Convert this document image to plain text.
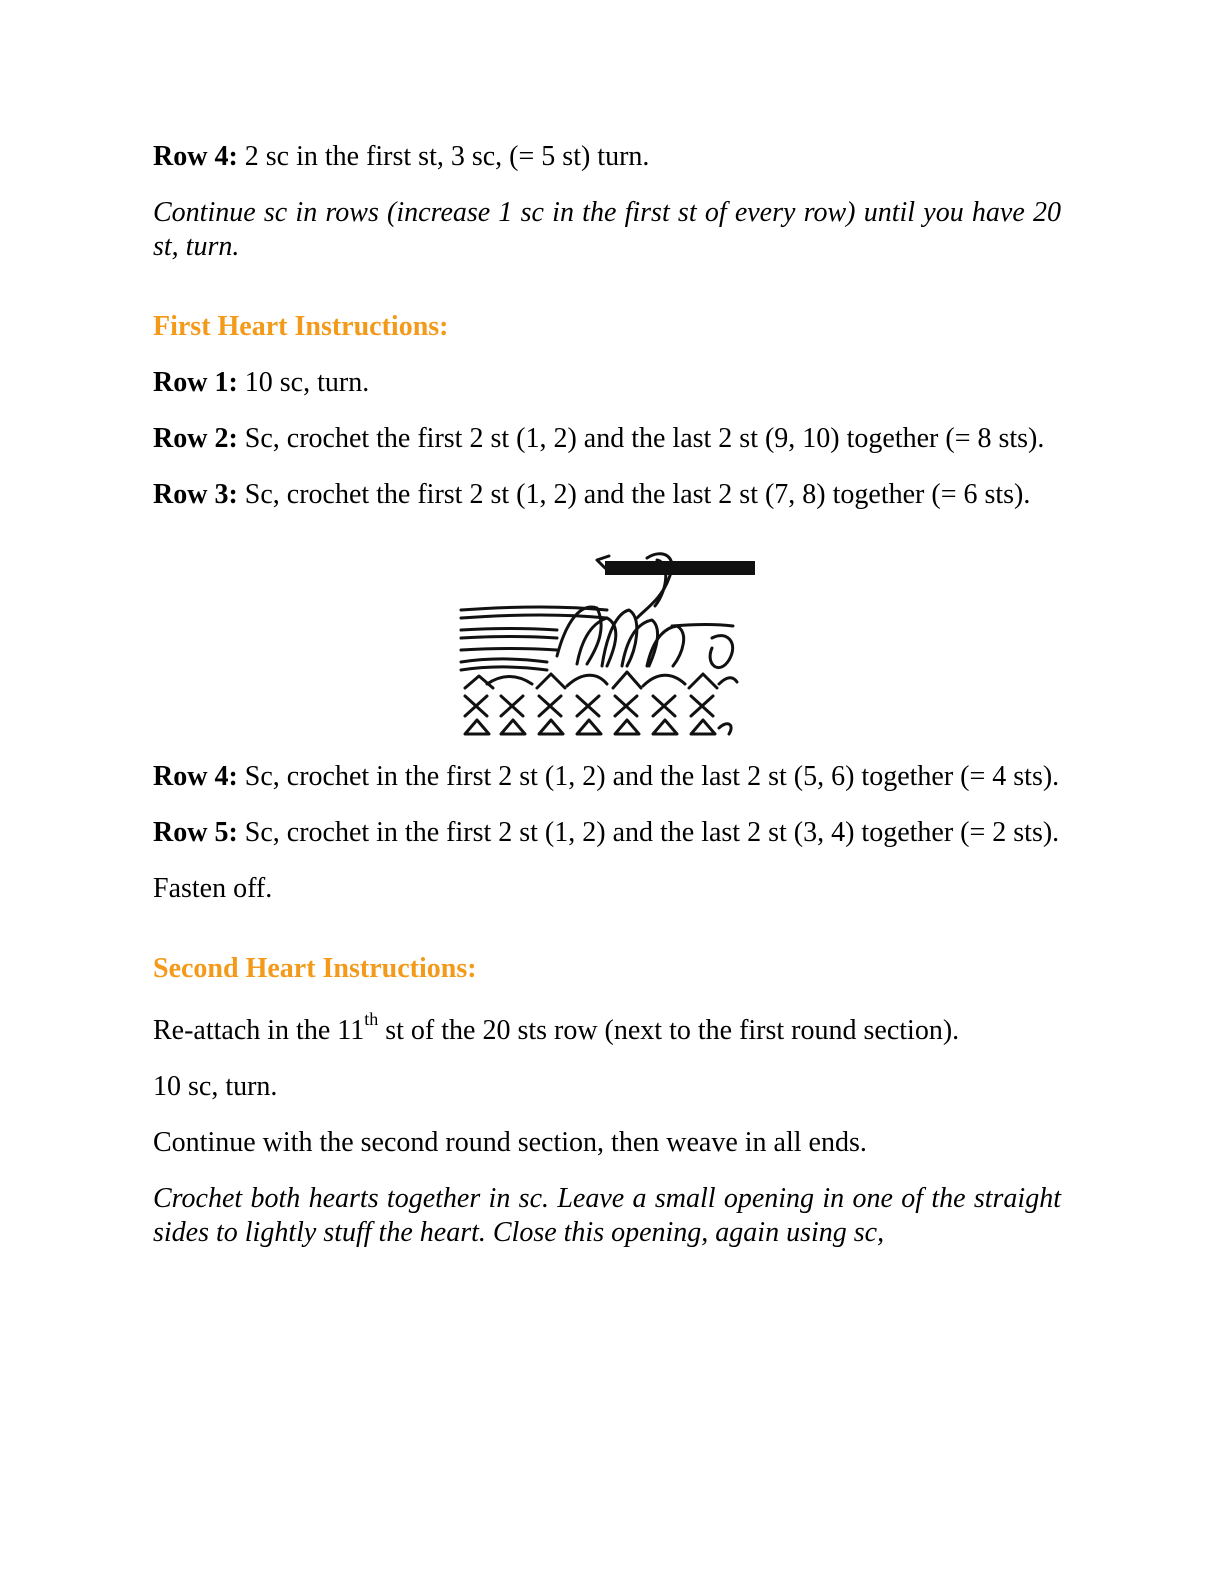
Row 4: 2 sc in the first st, 3 sc, (= 5 st) turn.

Continue sc in rows (increase 1 sc in the first st of every row) until you have 20 st, turn.

First Heart Instructions:

Row 1: 10 sc, turn.

Row 2: Sc, crochet the first 2 st (1, 2) and the last 2 st (9, 10) together (= 8 sts).

Row 3: Sc, crochet the first 2 st (1, 2) and the last 2 st (7, 8) together (= 6 sts).

Row 4: Sc, crochet in the first 2 st (1, 2) and the last 2 st (5, 6) together (= 4 sts).

Row 5: Sc, crochet in the first 2 st (1, 2) and the last 2 st (3, 4) together (= 2 sts).

Fasten off.

Second Heart Instructions:

Re-attach in the 11th st of the 20 sts row (next to the first round section).

10 sc, turn.

Continue with the second round section, then weave in all ends.

Crochet both hearts together in sc. Leave a small opening in one of the straight sides to lightly stuff the heart. Close this opening, again using sc,
